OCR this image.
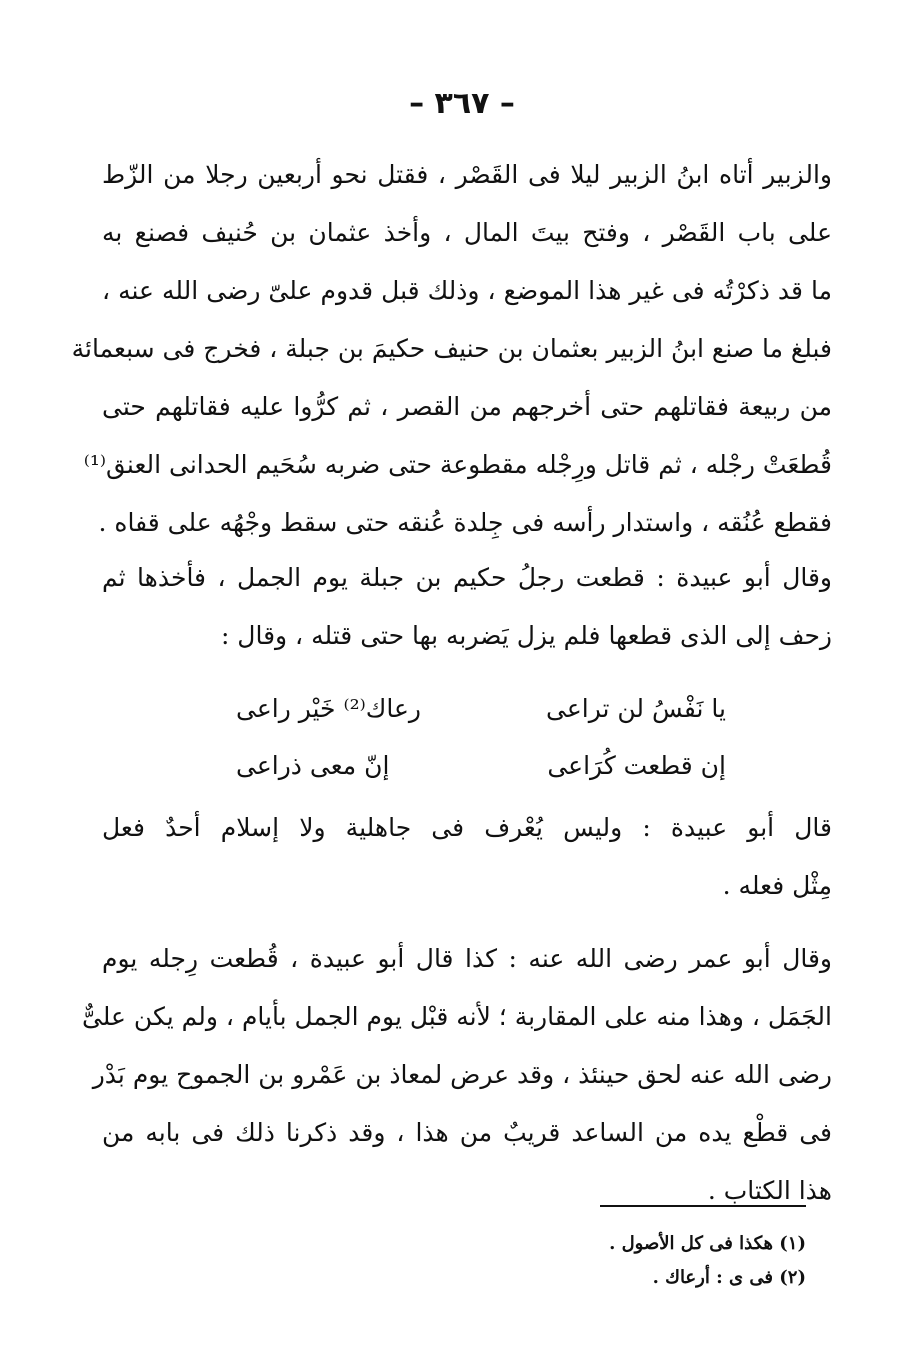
– ٣٦٧ –
والزبير أتاه ابنُ الزبير ليلا فى القَصْر ، فقتل نحو أربعين رجلا من الزّط
على باب القَصْر ، وفتح بيتَ المال ، وأخذ عثمان بن حُنيف فصنع به
ما قد ذكرْتُه فى غير هذا الموضع ، وذلك قبل قدوم علىّ رضى الله عنه ،
فبلغ ما صنع ابنُ الزبير بعثمان بن حنيف حكيمَ بن جبلة ، فخرج فى سبعمائة
من ربيعة فقاتلهم حتى أخرجهم من القصر ، ثم كرُّوا عليه فقاتلهم حتى
قُطعَتْ رجْله ، ثم قاتل ورِجْله مقطوعة حتى ضربه سُحَيم الحدانى العنق⁽¹⁾
فقطع عُنُقه ، واستدار رأسه فى جِلدة عُنقه حتى سقط وجْهُه على قفاه .
وقال أبو عبيدة : قطعت رجلُ حكيم بن جبلة يوم الجمل ، فأخذها ثم
زحف إلى الذى قطعها فلم يزل يَضربه بها حتى قتله ، وقال :
يا نَفْسُ لن تراعىرعاك⁽²⁾ خَيْر راعى
إن قطعت كُرَاعىإنّ معى ذراعى
قال أبو عبيدة : وليس يُعْرف فى جاهلية ولا إسلام أحدٌ فعل
مِثْل فعله .
وقال أبو عمر رضى الله عنه : كذا قال أبو عبيدة ، قُطعت رِجله يوم
الجَمَل ، وهذا منه على المقاربة ؛ لأنه قبْل يوم الجمل بأيام ، ولم يكن علىٌّ
رضى الله عنه لحق حينئذ ، وقد عرض لمعاذ بن عَمْرو بن الجموح يوم بَدْر
فى قطْع يده من الساعد قريبٌ من هذا ، وقد ذكرنا ذلك فى بابه من
هذا الكتاب .
(١) هكذا فى كل الأصول .
(٢) فى ى : أرعاك .
